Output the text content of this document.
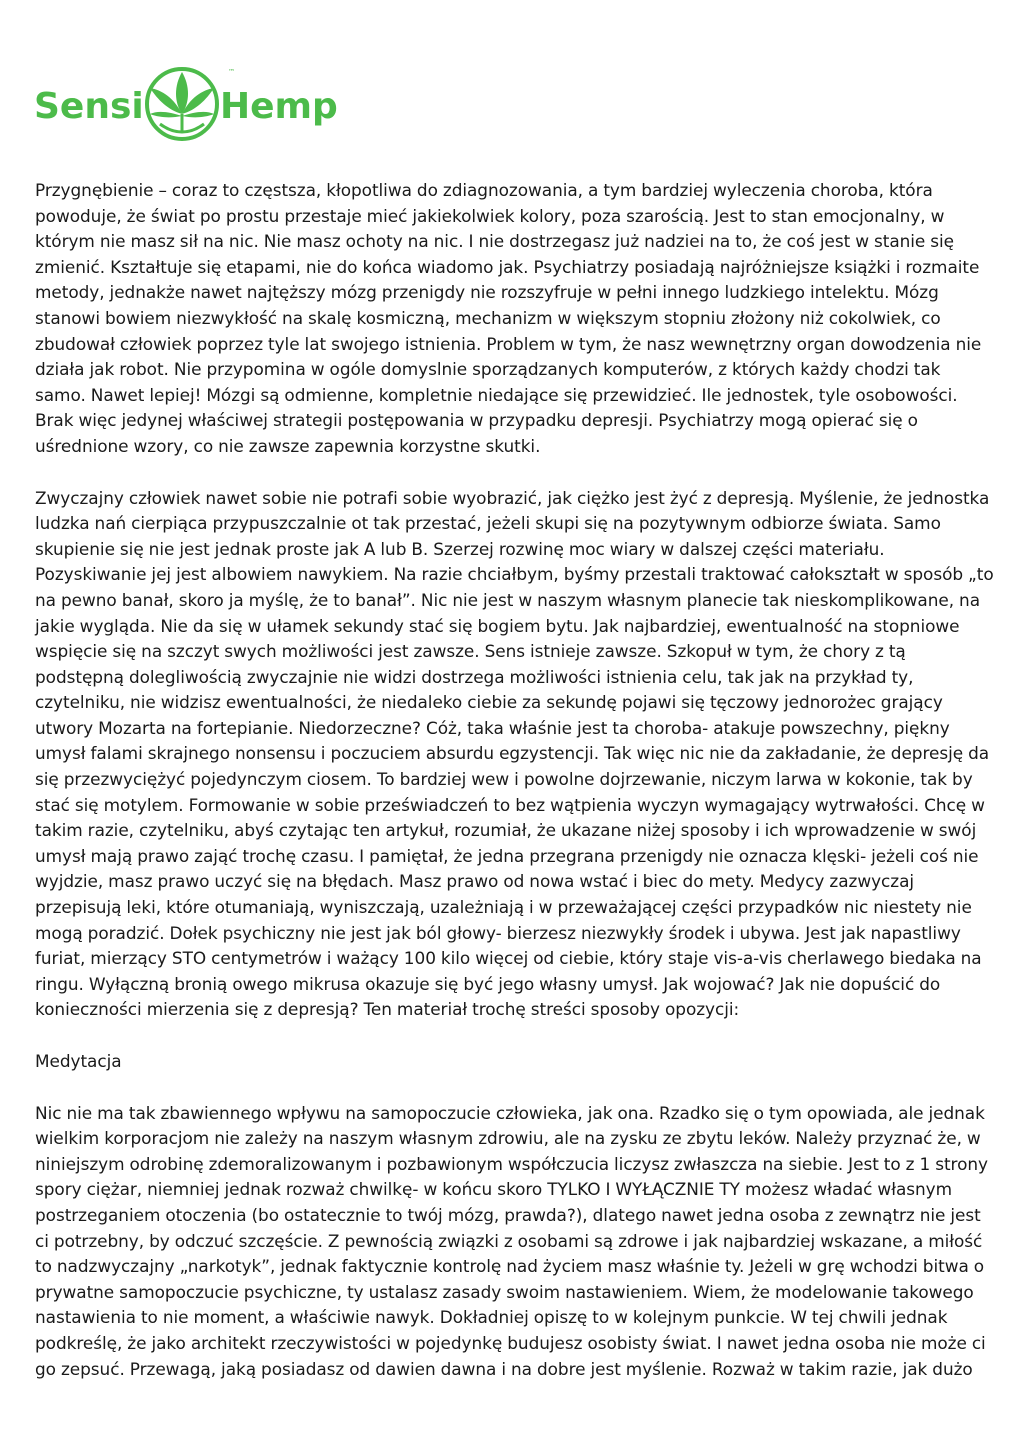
Sensi Hemp
™

Przygnębienie – coraz to częstsza, kłopotliwa do zdiagnozowania, a tym bardziej wyleczenia choroba, która powoduje, że świat po prostu przestaje mieć jakiekolwiek kolory, poza szarością. Jest to stan emocjonalny, w którym nie masz sił na nic. Nie masz ochoty na nic. I nie dostrzegasz już nadziei na to, że coś jest w stanie się zmienić. Kształtuje się etapami, nie do końca wiadomo jak. Psychiatrzy posiadają najróżniejsze książki i rozmaite metody, jednakże nawet najtęższy mózg przenigdy nie rozszyfruje w pełni innego ludzkiego intelektu. Mózg stanowi bowiem niezwykłość na skalę kosmiczną, mechanizm w większym stopniu złożony niż cokolwiek, co zbudował człowiek poprzez tyle lat swojego istnienia. Problem w tym, że nasz wewnętrzny organ dowodzenia nie działa jak robot. Nie przypomina w ogóle domyslnie sporządzanych komputerów, z których każdy chodzi tak samo. Nawet lepiej! Mózgi są odmienne, kompletnie niedające się przewidzieć. Ile jednostek, tyle osobowości. Brak więc jedynej właściwej strategii postępowania w przypadku depresji. Psychiatrzy mogą opierać się o uśrednione wzory, co nie zawsze zapewnia korzystne skutki.

Zwyczajny człowiek nawet sobie nie potrafi sobie wyobrazić, jak ciężko jest żyć z depresją. Myślenie, że jednostka ludzka nań cierpiąca przypuszczalnie ot tak przestać, jeżeli skupi się na pozytywnym odbiorze świata. Samo skupienie się nie jest jednak proste jak A lub B. Szerzej rozwinę moc wiary w dalszej części materiału. Pozyskiwanie jej jest albowiem nawykiem. Na razie chciałbym, byśmy przestali traktować całokształt w sposób „to na pewno banał, skoro ja myślę, że to banał”. Nic nie jest w naszym własnym planecie tak nieskomplikowane, na jakie wygląda. Nie da się w ułamek sekundy stać się bogiem bytu. Jak najbardziej, ewentualność na stopniowe wspięcie się na szczyt swych możliwości jest zawsze. Sens istnieje zawsze. Szkopuł w tym, że chory z tą podstępną dolegliwością zwyczajnie nie widzi dostrzega możliwości istnienia celu, tak jak na przykład ty, czytelniku, nie widzisz ewentualności, że niedaleko ciebie za sekundę pojawi się tęczowy jednorożec grający utwory Mozarta na fortepianie. Niedorzeczne? Cóż, taka właśnie jest ta choroba- atakuje powszechny, piękny umysł falami skrajnego nonsensu i poczuciem absurdu egzystencji. Tak więc nic nie da zakładanie, że depresję da się przezwyciężyć pojedynczym ciosem. To bardziej wew i powolne dojrzewanie, niczym larwa w kokonie, tak by stać się motylem. Formowanie w sobie przeświadczeń to bez wątpienia wyczyn wymagający wytrwałości. Chcę w takim razie, czytelniku, abyś czytając ten artykuł, rozumiał, że ukazane niżej sposoby i ich wprowadzenie w swój umysł mają prawo zająć trochę czasu. I pamiętał, że jedna przegrana przenigdy nie oznacza klęski- jeżeli coś nie wyjdzie, masz prawo uczyć się na błędach. Masz prawo od nowa wstać i biec do mety. Medycy zazwyczaj przepisują leki, które otumaniają, wyniszczają, uzależniają i w przeważającej części przypadków nic niestety nie mogą poradzić. Dołek psychiczny nie jest jak ból głowy- bierzesz niezwykły środek i ubywa. Jest jak napastliwy furiat, mierzący STO centymetrów i ważący 100 kilo więcej od ciebie, który staje vis-a-vis cherlawego biedaka na ringu. Wyłączną bronią owego mikrusa okazuje się być jego własny umysł. Jak wojować? Jak nie dopuścić do konieczności mierzenia się z depresją? Ten materiał trochę streści sposoby opozycji:

Medytacja

Nic nie ma tak zbawiennego wpływu na samopoczucie człowieka, jak ona. Rzadko się o tym opowiada, ale jednak wielkim korporacjom nie zależy na naszym własnym zdrowiu, ale na zysku ze zbytu leków. Należy przyznać że, w niniejszym odrobinę zdemoralizowanym i pozbawionym współczucia liczysz zwłaszcza na siebie. Jest to z 1 strony spory ciężar, niemniej jednak rozważ chwilkę- w końcu skoro TYLKO I WYŁĄCZNIE TY możesz władać własnym postrzeganiem otoczenia (bo ostatecznie to twój mózg, prawda?), dlatego nawet jedna osoba z zewnątrz nie jest ci potrzebny, by odczuć szczęście. Z pewnością związki z osobami są zdrowe i jak najbardziej wskazane, a miłość to nadzwyczajny „narkotyk”, jednak faktycznie kontrolę nad życiem masz właśnie ty. Jeżeli w grę wchodzi bitwa o prywatne samopoczucie psychiczne, ty ustalasz zasady swoim nastawieniem. Wiem, że modelowanie takowego nastawienia to nie moment, a właściwie nawyk. Dokładniej opiszę to w kolejnym punkcie. W tej chwili jednak podkreślę, że jako architekt rzeczywistości w pojedynkę budujesz osobisty świat. I nawet jedna osoba nie może ci go zepsuć. Przewagą, jaką posiadasz od dawien dawna i na dobre jest myślenie. Rozważ w takim razie, jak dużo
